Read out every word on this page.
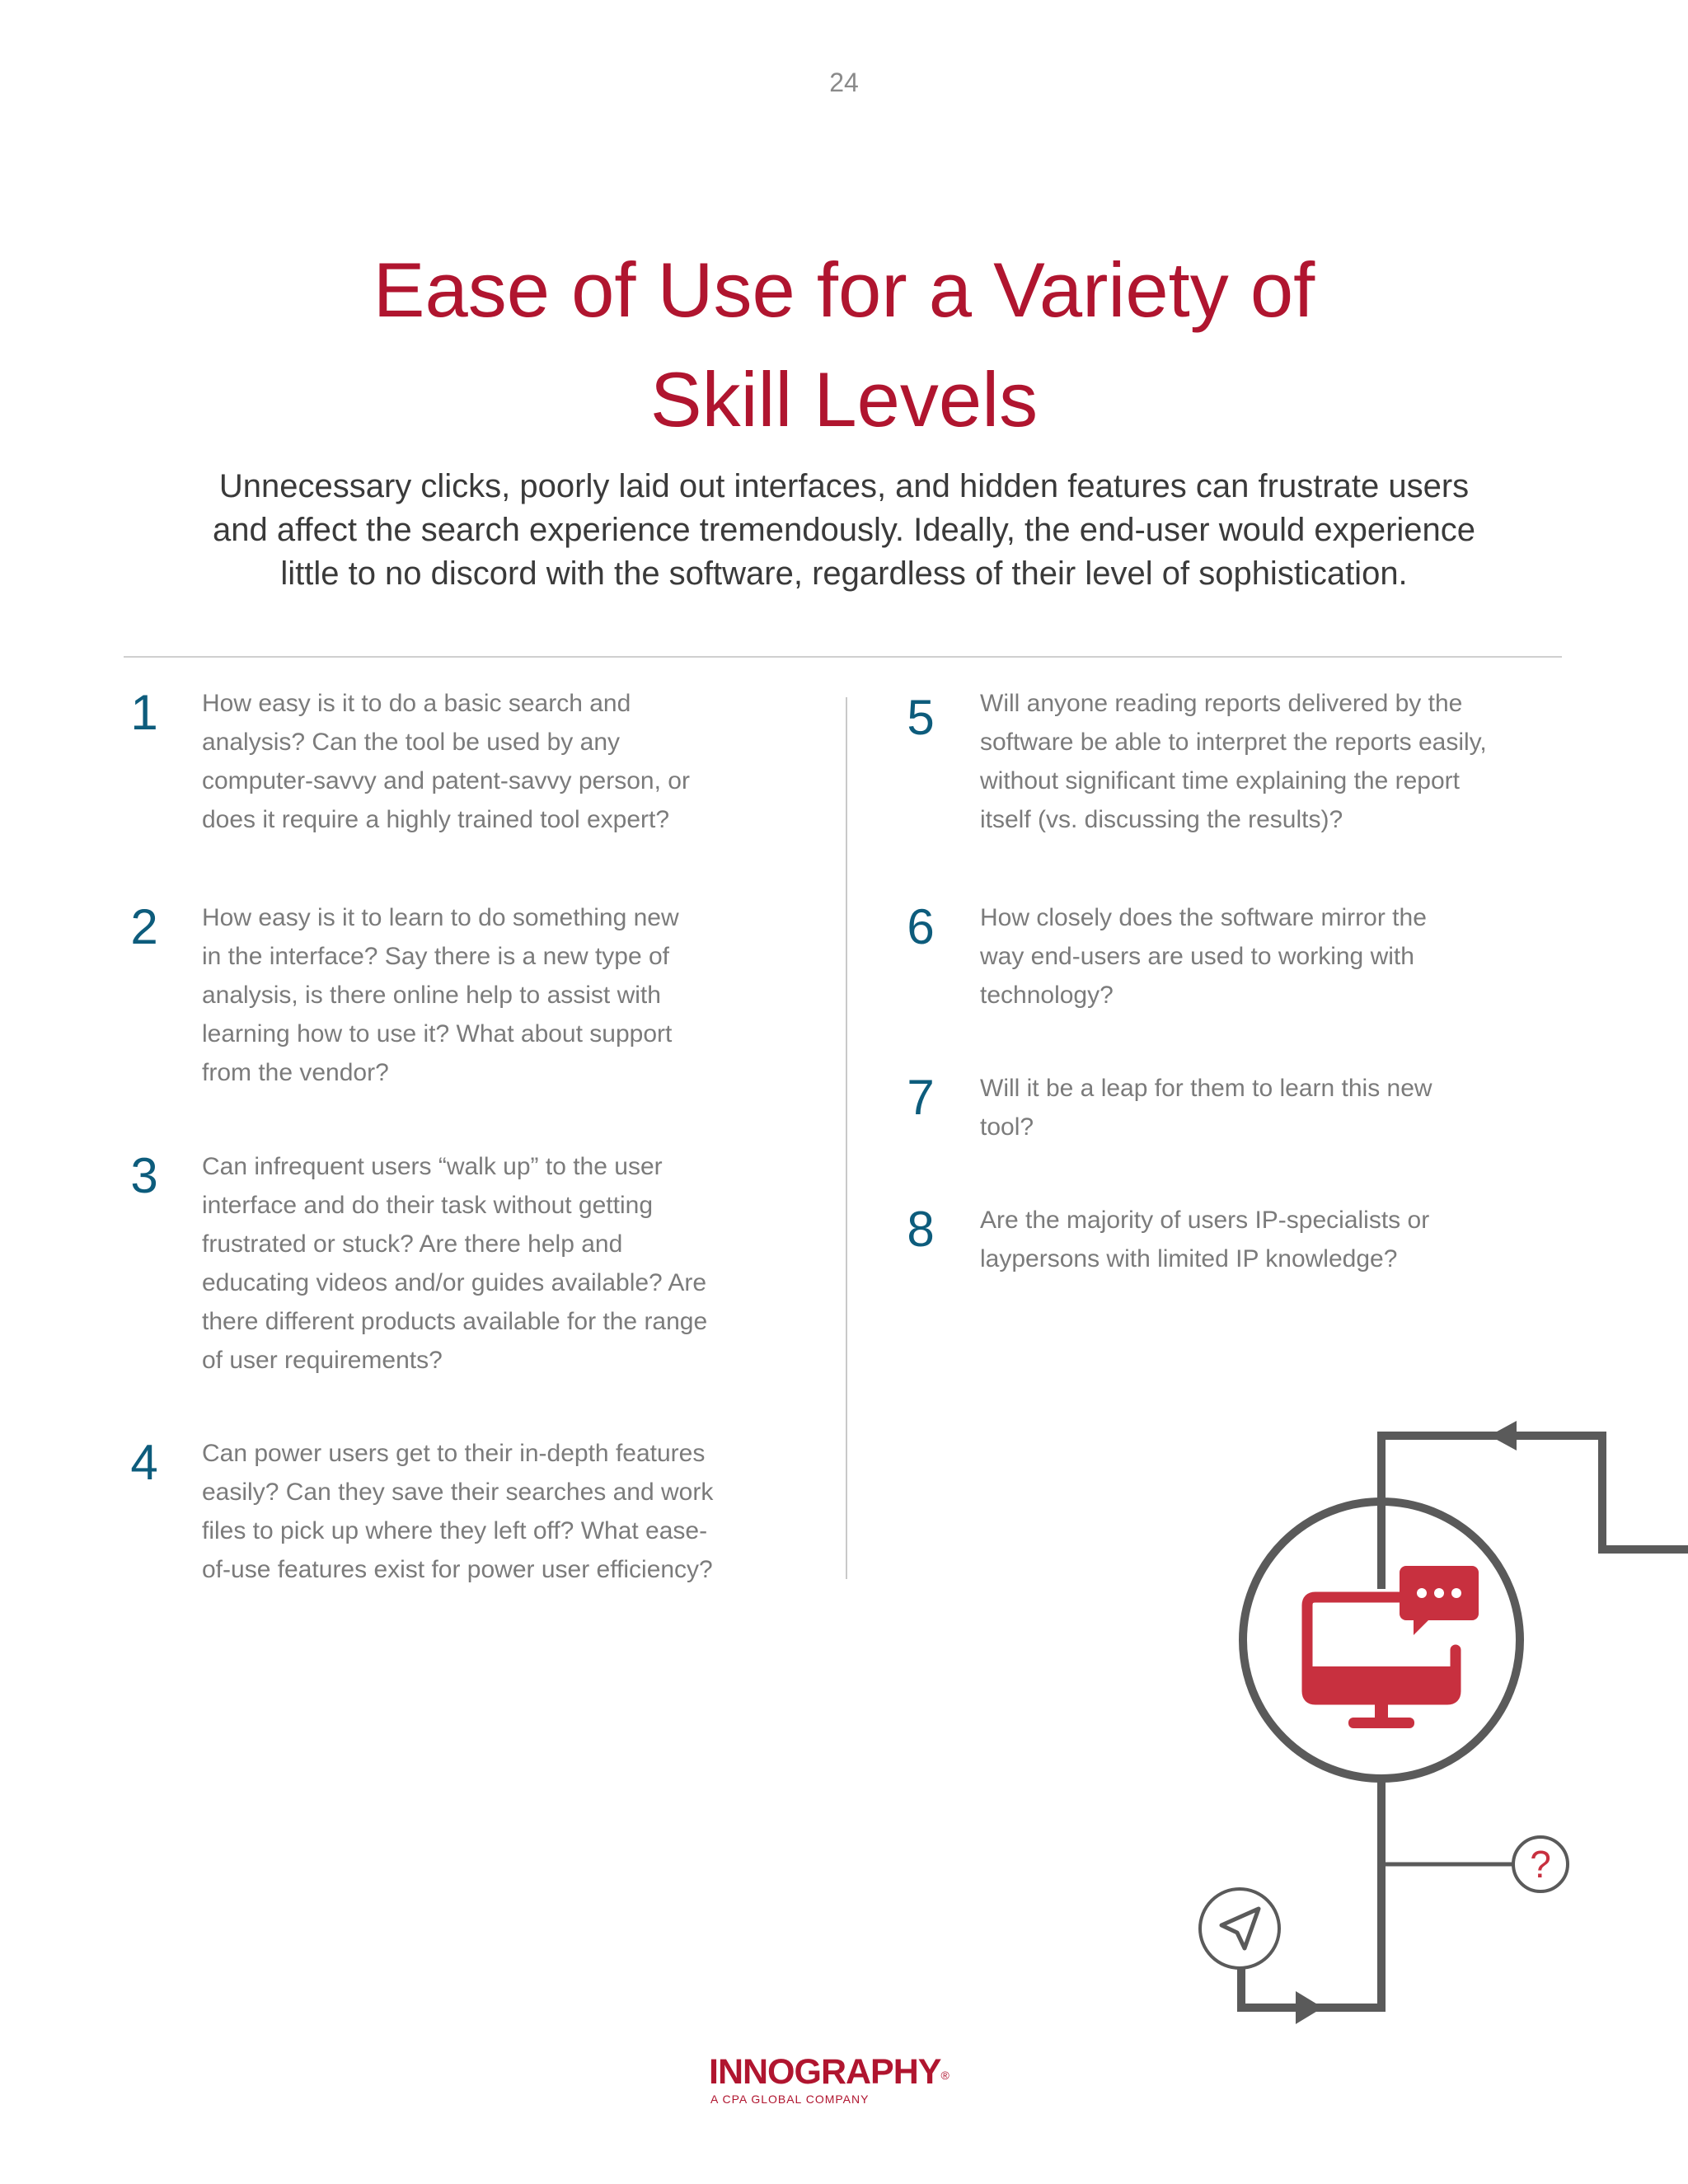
24
Ease of Use for a Variety of
Skill Levels

Unnecessary clicks, poorly laid out interfaces, and hidden features can frustrate users
and affect the search experience tremendously. Ideally, the end-user would experience
little to no discord with the software, regardless of their level of sophistication.

1	How easy is it to do a basic search and
analysis? Can the tool be used by any
computer-savvy and patent-savvy person, or
does it require a highly trained tool expert?
2	How easy is it to learn to do something new
in the interface? Say there is a new type of
analysis, is there online help to assist with
learning how to use it? What about support
from the vendor?
3	Can infrequent users “walk up” to the user
interface and do their task without getting
frustrated or stuck? Are there help and
educating videos and/or guides available? Are
there different products available for the range
of user requirements?
4	Can power users get to their in-depth features
easily? Can they save their searches and work
files to pick up where they left off? What ease-
of-use features exist for power user efficiency?
5	Will anyone reading reports delivered by the
software be able to interpret the reports easily,
without significant time explaining the report
itself (vs. discussing the results)?
6	How closely does the software mirror the
way end-users are used to working with
technology?
7	Will it be a leap for them to learn this new
tool?
8	Are the majority of users IP-specialists or
laypersons with limited IP knowledge?
?
INNOGRAPHY®
A CPA GLOBAL COMPANY
